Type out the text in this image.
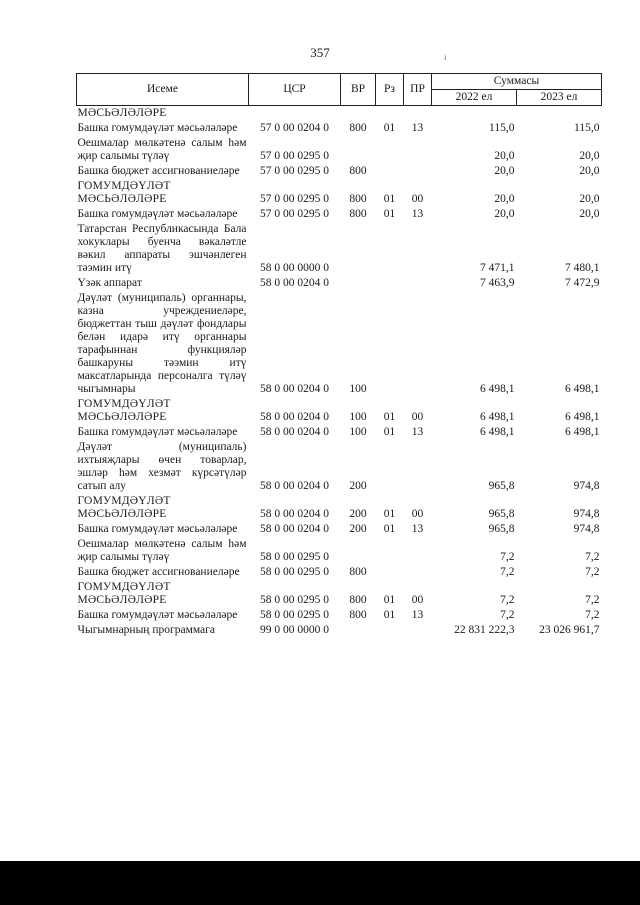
357	ı
Исеме	ЦСР	ВР	Рз	ПР	Суммасы	
					2022 ел	2023 ел
МӘСЬӘЛӘЛӘРЕ						
Башка гомумдәүләт мәсьәләләре	57 0 00 0204 0	800	01	13	115,0	115,0
Оешмалар мөлкәтенә салым һәм җир салымы түләү	57 0 00 0295 0				20,0	20,0
Башка бюджет ассигнованиеләре	57 0 00 0295 0	800			20,0	20,0
ГОМУМДӘҮЛӘТ МӘСЬӘЛӘЛӘРЕ	57 0 00 0295 0	800	01	00	20,0	20,0
Башка гомумдәүләт мәсьәләләре	57 0 00 0295 0	800	01	13	20,0	20,0
Татарстан Республикасында Бала хокуклары буенча вәкаләтле вәкил аппараты эшчәнлеген тәэмин итү	58 0 00 0000 0				7 471,1	7 480,1
Үзәк аппарат	58 0 00 0204 0				7 463,9	7 472,9
Дәүләт (муниципаль) органнары, казна учреждениеләре, бюджеттан тыш дәүләт фондлары белән идарә итү органнары тарафыннан функцияләр башкаруны тәэмин итү максатларында персоналга түләү чыгымнары	58 0 00 0204 0	100			6 498,1	6 498,1
ГОМУМДӘҮЛӘТ МӘСЬӘЛӘЛӘРЕ	58 0 00 0204 0	100	01	00	6 498,1	6 498,1
Башка гомумдәүләт мәсьәләләре	58 0 00 0204 0	100	01	13	6 498,1	6 498,1
Дәүләт (муниципаль) ихтыяҗлары өчен товарлар, эшләр һәм хезмәт күрсәтүләр сатып алу	58 0 00 0204 0	200			965,8	974,8
ГОМУМДӘҮЛӘТ МӘСЬӘЛӘЛӘРЕ	58 0 00 0204 0	200	01	00	965,8	974,8
Башка гомумдәүләт мәсьәләләре	58 0 00 0204 0	200	01	13	965,8	974,8
Оешмалар мөлкәтенә салым һәм җир салымы түләү	58 0 00 0295 0				7,2	7,2
Башка бюджет ассигнованиеләре	58 0 00 0295 0	800			7,2	7,2
ГОМУМДӘҮЛӘТ МӘСЬӘЛӘЛӘРЕ	58 0 00 0295 0	800	01	00	7,2	7,2
Башка гомумдәүләт мәсьәләләре	58 0 00 0295 0	800	01	13	7,2	7,2
Чыгымнарның программага	99 0 00 0000 0				22 831 222,3	23 026 961,7
